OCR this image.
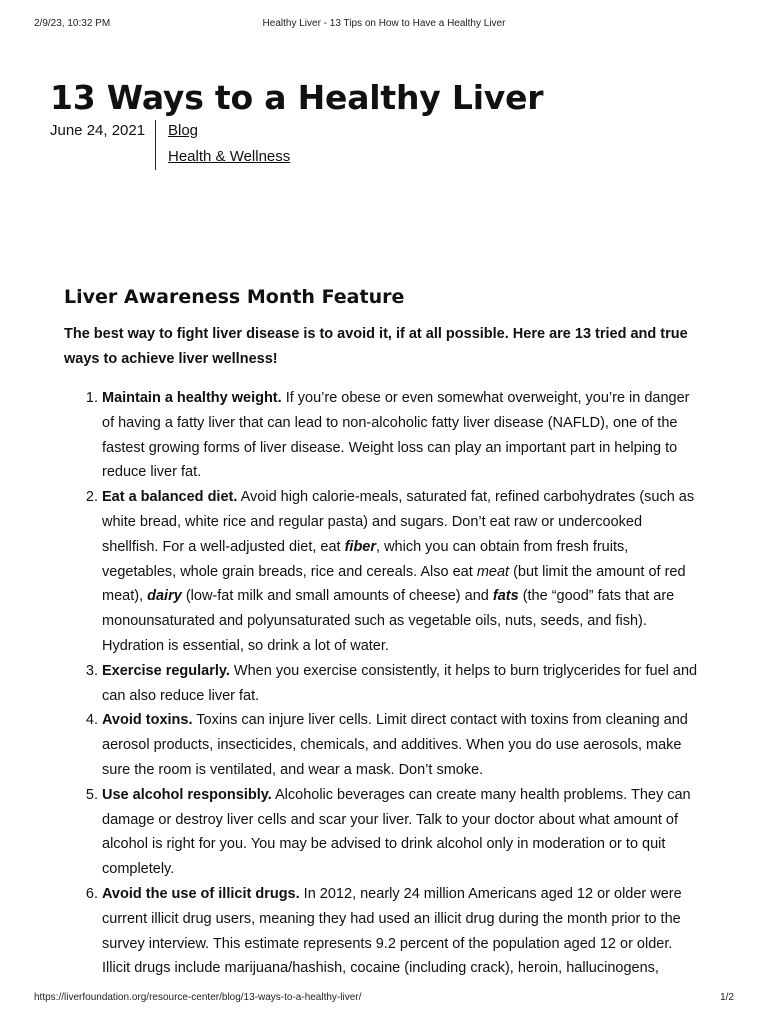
2/9/23, 10:32 PM	Healthy Liver - 13 Tips on How to Have a Healthy Liver
13 Ways to a Healthy Liver
June 24, 2021 Blog
Health & Wellness
Liver Awareness Month Feature

The best way to fight liver disease is to avoid it, if at all possible. Here are 13 tried and true ways to achieve liver wellness!

1. Maintain a healthy weight. If you’re obese or even somewhat overweight, you’re in danger of having a fatty liver that can lead to non-alcoholic fatty liver disease (NAFLD), one of the fastest growing forms of liver disease. Weight loss can play an important part in helping to reduce liver fat.
2. Eat a balanced diet. Avoid high calorie-meals, saturated fat, refined carbohydrates (such as white bread, white rice and regular pasta) and sugars. Don’t eat raw or undercooked shellfish. For a well-adjusted diet, eat fiber, which you can obtain from fresh fruits, vegetables, whole grain breads, rice and cereals. Also eat meat (but limit the amount of red meat), dairy (low-fat milk and small amounts of cheese) and fats (the “good” fats that are monounsaturated and polyunsaturated such as vegetable oils, nuts, seeds, and fish). Hydration is essential, so drink a lot of water.
3. Exercise regularly. When you exercise consistently, it helps to burn triglycerides for fuel and can also reduce liver fat.
4. Avoid toxins. Toxins can injure liver cells. Limit direct contact with toxins from cleaning and aerosol products, insecticides, chemicals, and additives. When you do use aerosols, make sure the room is ventilated, and wear a mask. Don’t smoke.
5. Use alcohol responsibly. Alcoholic beverages can create many health problems. They can damage or destroy liver cells and scar your liver. Talk to your doctor about what amount of alcohol is right for you. You may be advised to drink alcohol only in moderation or to quit completely.
6. Avoid the use of illicit drugs. In 2012, nearly 24 million Americans aged 12 or older were current illicit drug users, meaning they had used an illicit drug during the month prior to the survey interview. This estimate represents 9.2 percent of the population aged 12 or older. Illicit drugs include marijuana/hashish, cocaine (including crack), heroin, hallucinogens,
https://liverfoundation.org/resource-center/blog/13-ways-to-a-healthy-liver/	1/2
